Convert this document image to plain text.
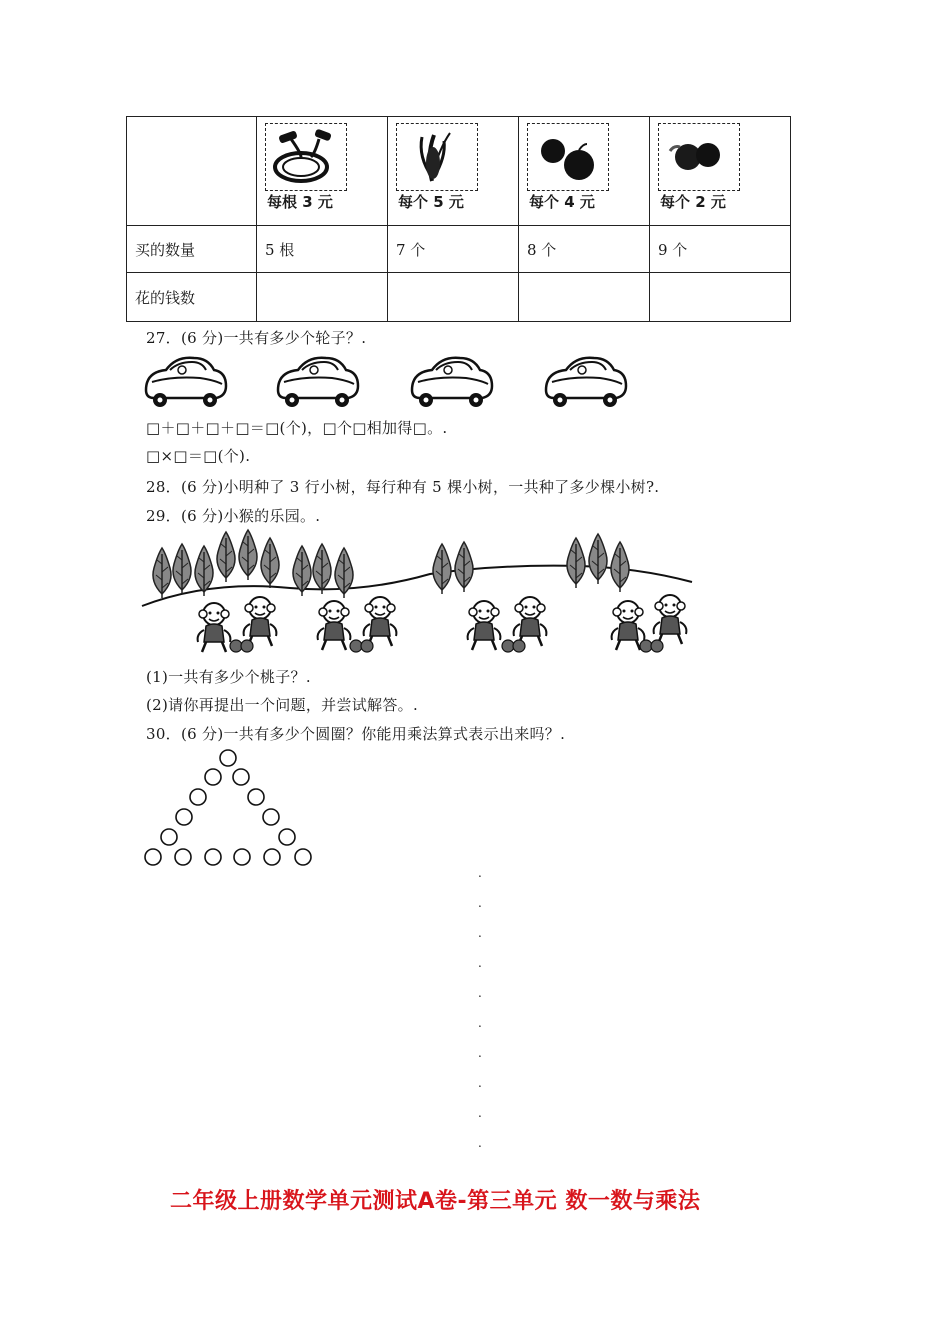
	每根 3 元	每个 5 元	每个 4 元	每个 2 元

买的数量	5 根	7 个	8 个	9 个
花的钱数				
27．(6 分)一共有多少个轮子？.
□＋□＋□＋□＝□(个)，□个□相加得□。.
□×□＝□(个).
28．(6 分)小明种了 3 行小树，每行种有 5 棵小树，一共种了多少棵小树?.
29．(6 分)小猴的乐园。.
(1)一共有多少个桃子？.
(2)请你再提出一个问题，并尝试解答。.
30．(6 分)一共有多少个圆圈？你能用乘法算式表示出来吗？.
.
.
.
.
.
.
.
.
.
.
二年级上册数学单元测试A卷-第三单元 数一数与乘法
